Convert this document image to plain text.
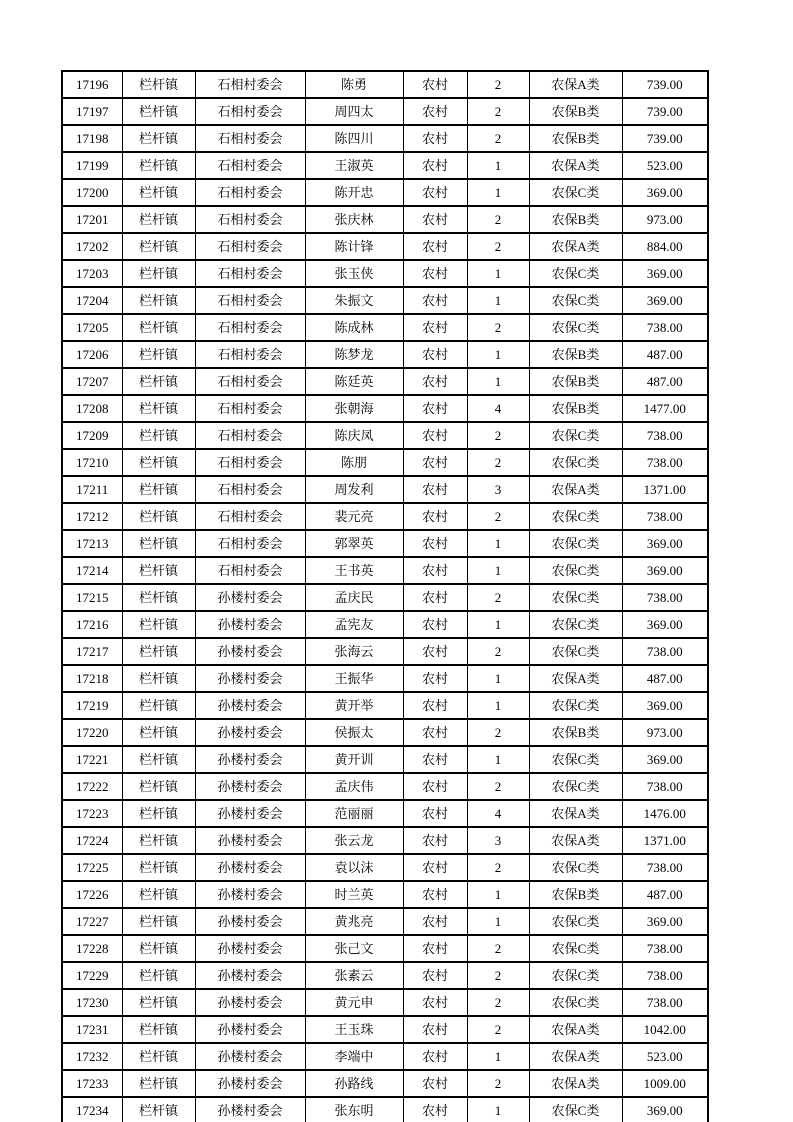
17196	栏杆镇	石相村委会	陈勇	农村	2	农保A类	739.00
17197	栏杆镇	石相村委会	周四太	农村	2	农保B类	739.00
17198	栏杆镇	石相村委会	陈四川	农村	2	农保B类	739.00
17199	栏杆镇	石相村委会	王淑英	农村	1	农保A类	523.00
17200	栏杆镇	石相村委会	陈开忠	农村	1	农保C类	369.00
17201	栏杆镇	石相村委会	张庆林	农村	2	农保B类	973.00
17202	栏杆镇	石相村委会	陈计锋	农村	2	农保A类	884.00
17203	栏杆镇	石相村委会	张玉侠	农村	1	农保C类	369.00
17204	栏杆镇	石相村委会	朱振文	农村	1	农保C类	369.00
17205	栏杆镇	石相村委会	陈成林	农村	2	农保C类	738.00
17206	栏杆镇	石相村委会	陈梦龙	农村	1	农保B类	487.00
17207	栏杆镇	石相村委会	陈廷英	农村	1	农保B类	487.00
17208	栏杆镇	石相村委会	张朝海	农村	4	农保B类	1477.00
17209	栏杆镇	石相村委会	陈庆凤	农村	2	农保C类	738.00
17210	栏杆镇	石相村委会	陈朋	农村	2	农保C类	738.00
17211	栏杆镇	石相村委会	周发利	农村	3	农保A类	1371.00
17212	栏杆镇	石相村委会	裴元亮	农村	2	农保C类	738.00
17213	栏杆镇	石相村委会	郭翠英	农村	1	农保C类	369.00
17214	栏杆镇	石相村委会	王书英	农村	1	农保C类	369.00
17215	栏杆镇	孙楼村委会	孟庆民	农村	2	农保C类	738.00
17216	栏杆镇	孙楼村委会	孟宪友	农村	1	农保C类	369.00
17217	栏杆镇	孙楼村委会	张海云	农村	2	农保C类	738.00
17218	栏杆镇	孙楼村委会	王振华	农村	1	农保A类	487.00
17219	栏杆镇	孙楼村委会	黄开举	农村	1	农保C类	369.00
17220	栏杆镇	孙楼村委会	侯振太	农村	2	农保B类	973.00
17221	栏杆镇	孙楼村委会	黄开训	农村	1	农保C类	369.00
17222	栏杆镇	孙楼村委会	孟庆伟	农村	2	农保C类	738.00
17223	栏杆镇	孙楼村委会	范丽丽	农村	4	农保A类	1476.00
17224	栏杆镇	孙楼村委会	张云龙	农村	3	农保A类	1371.00
17225	栏杆镇	孙楼村委会	袁以沫	农村	2	农保C类	738.00
17226	栏杆镇	孙楼村委会	时兰英	农村	1	农保B类	487.00
17227	栏杆镇	孙楼村委会	黄兆亮	农村	1	农保C类	369.00
17228	栏杆镇	孙楼村委会	张己文	农村	2	农保C类	738.00
17229	栏杆镇	孙楼村委会	张素云	农村	2	农保C类	738.00
17230	栏杆镇	孙楼村委会	黄元申	农村	2	农保C类	738.00
17231	栏杆镇	孙楼村委会	王玉珠	农村	2	农保A类	1042.00
17232	栏杆镇	孙楼村委会	李端中	农村	1	农保A类	523.00
17233	栏杆镇	孙楼村委会	孙路线	农村	2	农保A类	1009.00
17234	栏杆镇	孙楼村委会	张东明	农村	1	农保C类	369.00
